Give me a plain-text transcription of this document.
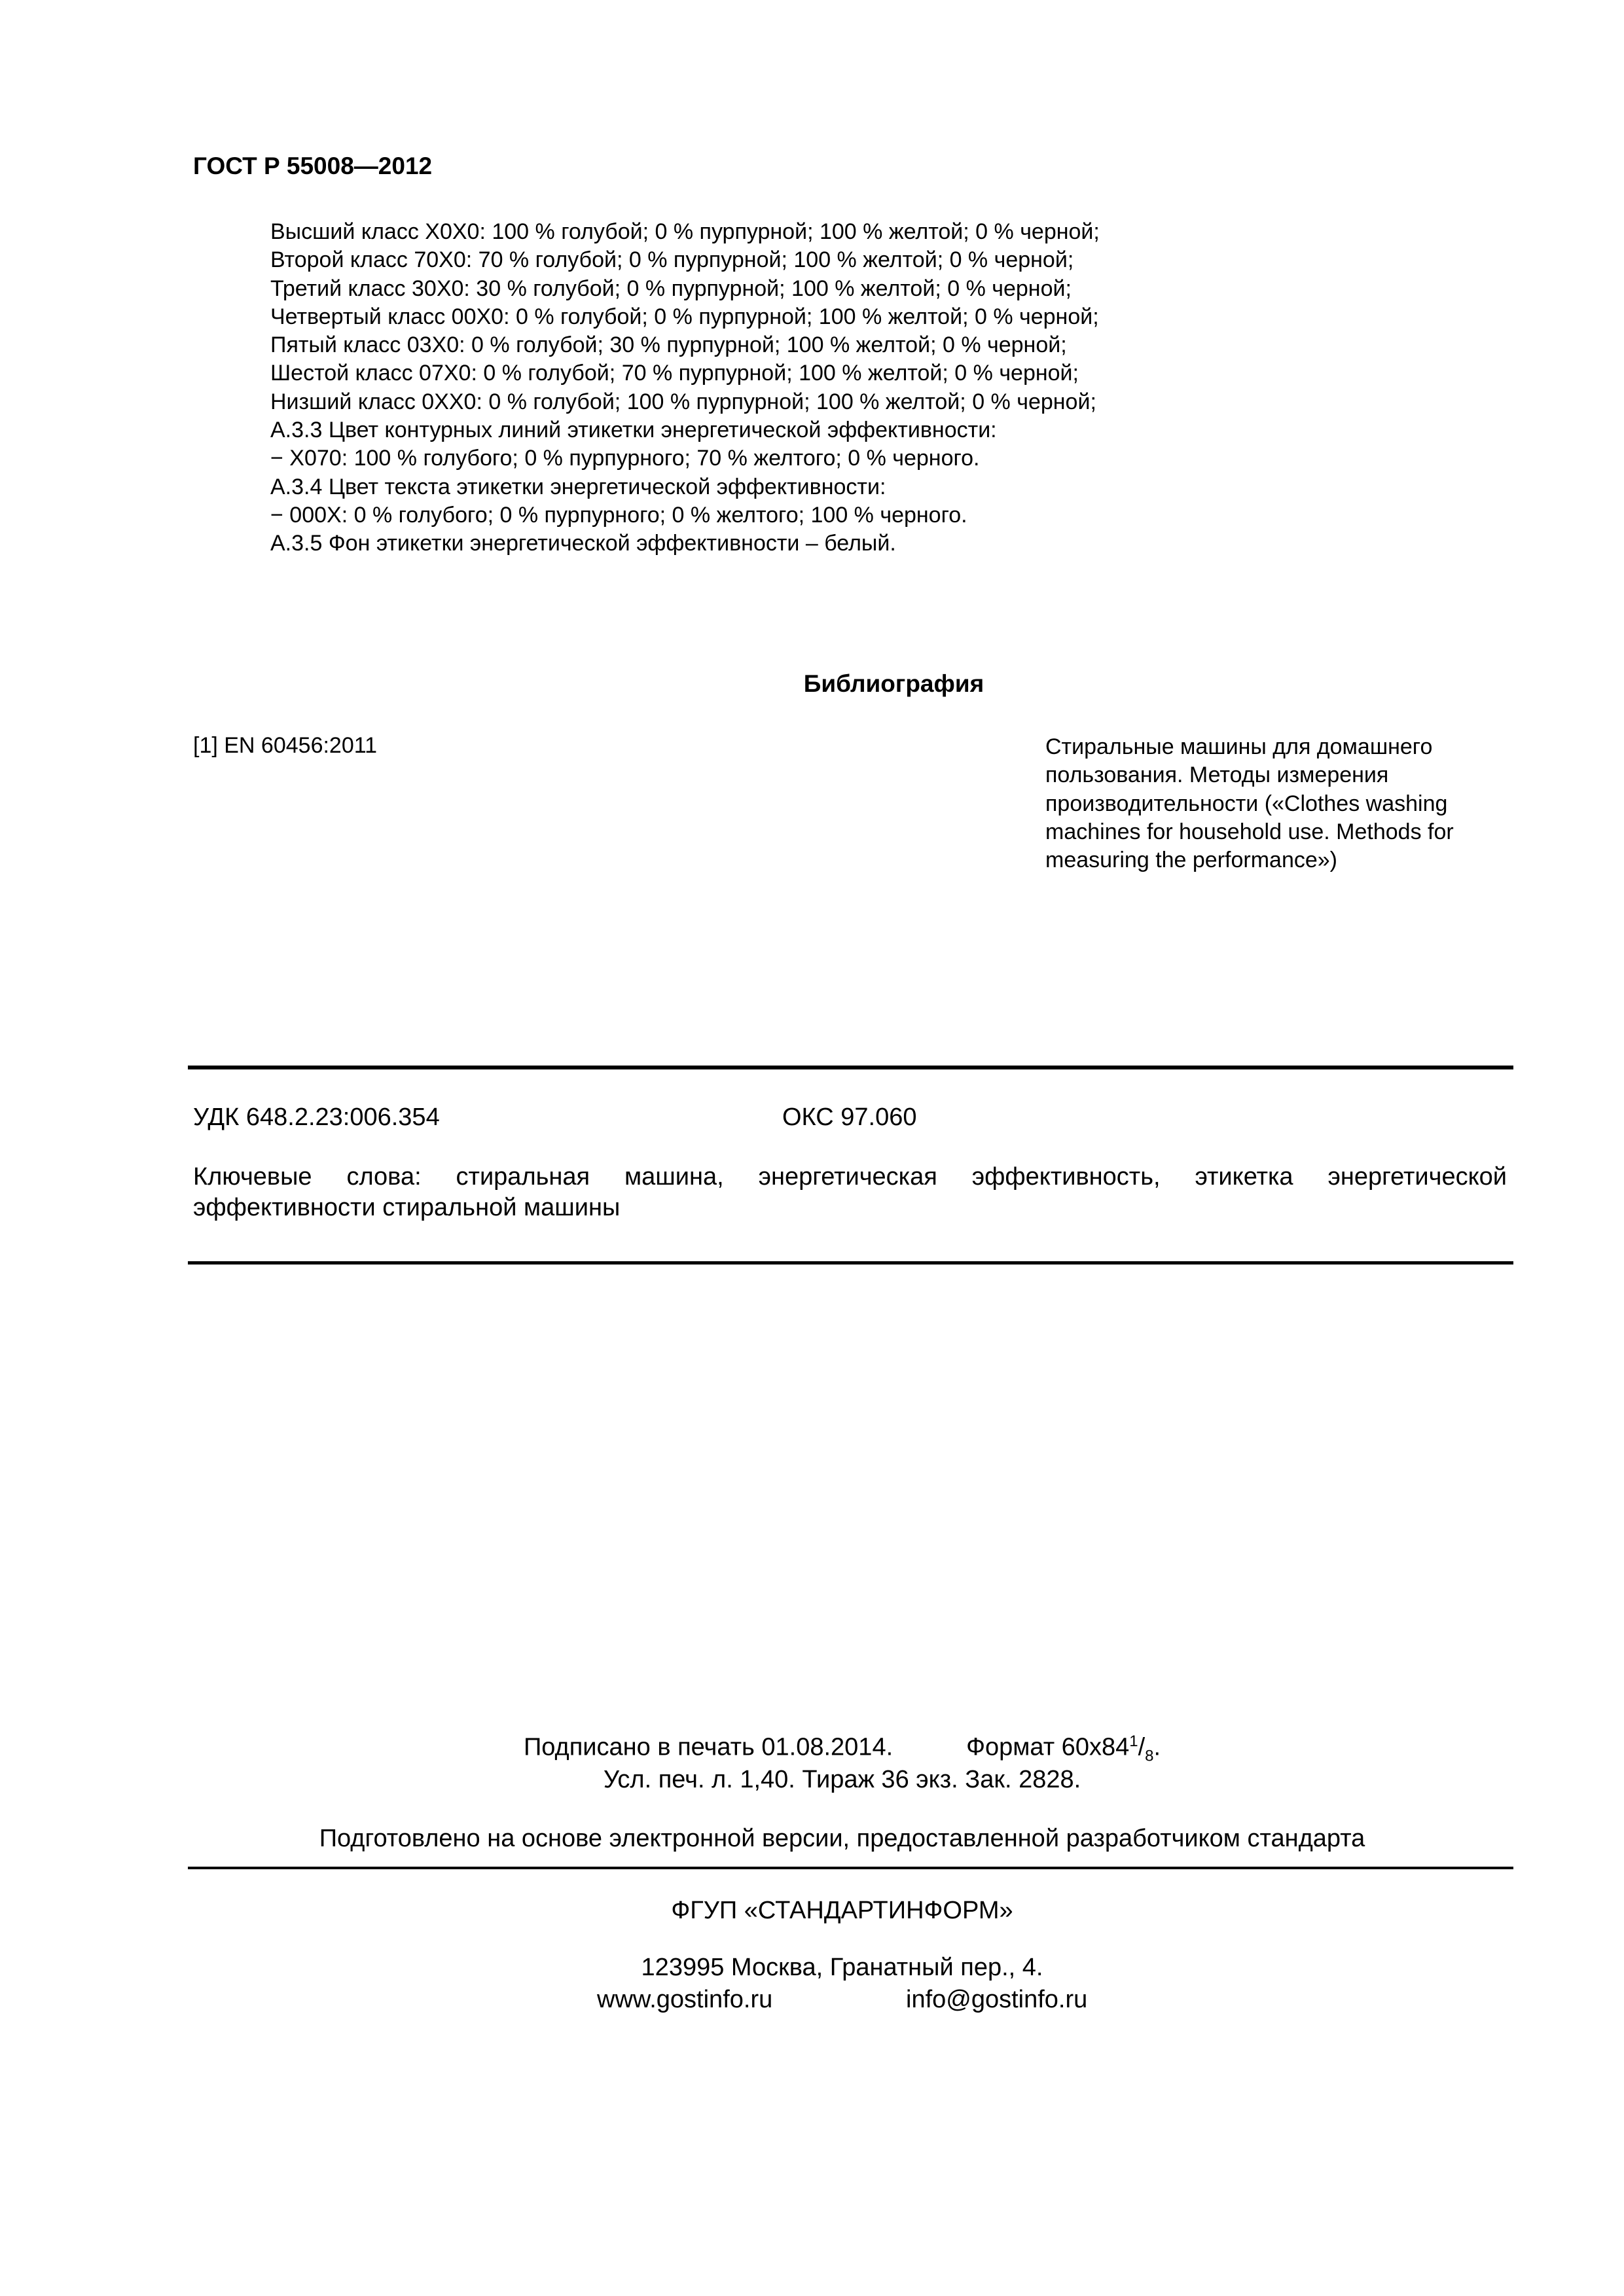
ГОСТ Р 55008—2012
Высший класс X0X0: 100 % голубой; 0 % пурпурной; 100 % желтой; 0 % черной;
Второй класс 70X0: 70 % голубой; 0 % пурпурной; 100 % желтой; 0 % черной;
Третий класс 30X0: 30 % голубой; 0 % пурпурной; 100 % желтой; 0 % черной;
Четвертый класс 00X0: 0 % голубой; 0 % пурпурной; 100 % желтой; 0 % черной;
Пятый класс 03X0: 0 % голубой; 30 % пурпурной; 100 % желтой; 0 % черной;
Шестой класс 07X0: 0 % голубой; 70 % пурпурной; 100 % желтой; 0 % черной;
Низший класс 0XX0: 0 % голубой; 100 % пурпурной; 100 % желтой; 0 % черной;
А.3.3 Цвет контурных линий этикетки энергетической эффективности:
− X070: 100 % голубого; 0 % пурпурного; 70 % желтого; 0 % черного.
А.3.4 Цвет текста этикетки энергетической эффективности:
− 000X: 0 % голубого; 0 % пурпурного; 0 % желтого; 100 % черного.
А.3.5 Фон этикетки энергетической эффективности – белый.
Библиография
[1] EN 60456:2011	Стиральные машины для домашнего
пользования. Методы измерения
производительности («Clothes washing
machines for household use. Methods for
measuring the performance»)
УДК 648.2.23:006.354	ОКС 97.060
Ключевые слова: стиральная машина, энергетическая эффективность, этикетка энергетической
эффективности стиральной машины
Подписано в печать 01.08.2014.	Формат $60x84^1/_8$.
Усл. печ. л. 1,40. Тираж 36 экз. Зак. 2828.
Подготовлено на основе электронной версии, предоставленной разработчиком стандарта
ФГУП «СТАНДАРТИНФОРМ»
123995 Москва, Гранатный пер., 4.
www.gostinfo.ru	info@gostinfo.ru
